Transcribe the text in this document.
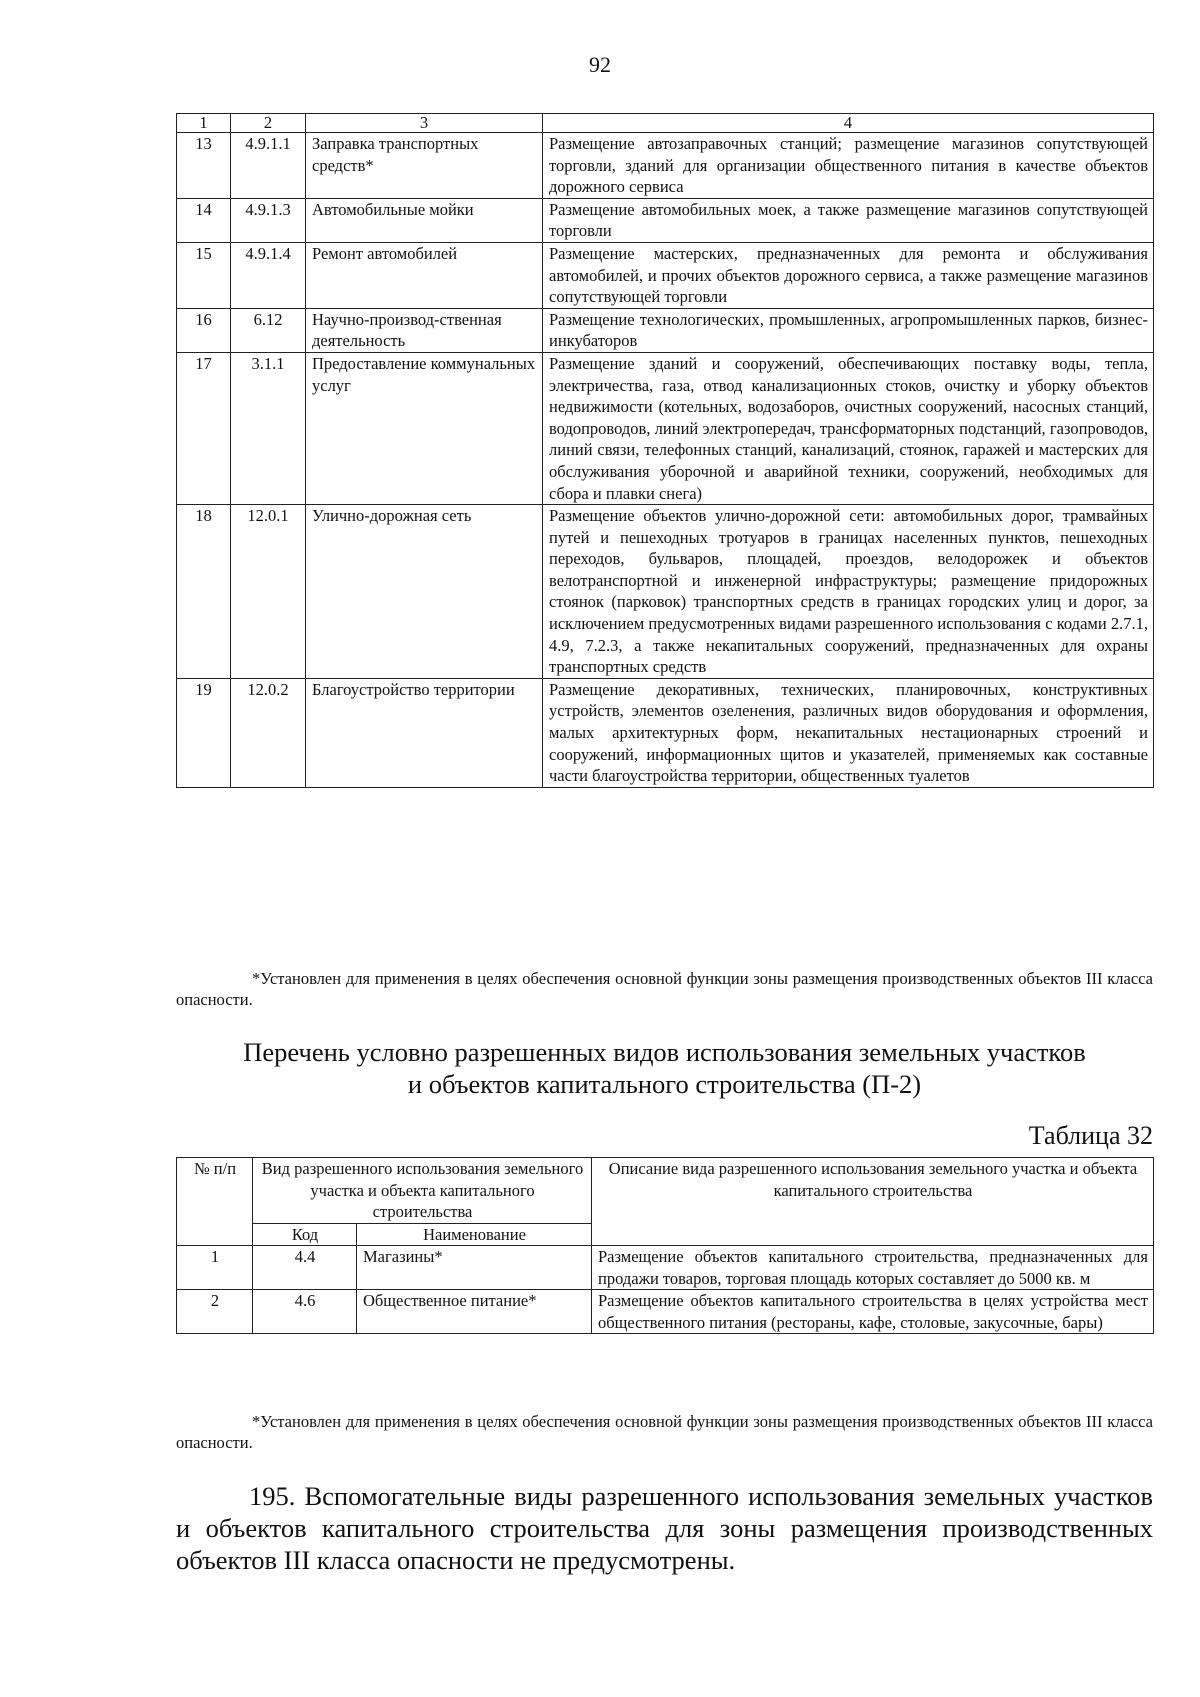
92
1	2	3	4
13	4.9.1.1	Заправка транспортных средств*	Размещение автозаправочных станций; размещение магазинов сопутствующей торговли, зданий для организации общественного питания в качестве объектов дорожного сервиса
14	4.9.1.3	Автомобильные мойки	Размещение автомобильных моек, а также размещение магазинов сопутствующей торговли
15	4.9.1.4	Ремонт автомобилей	Размещение мастерских, предназначенных для ремонта и обслуживания автомобилей, и прочих объектов дорожного сервиса, а также размещение магазинов сопутствующей торговли
16	6.12	Научно-производ-ственная деятельность	Размещение технологических, промышленных, агропромышленных парков, бизнес-инкубаторов
17	3.1.1	Предоставление коммунальных услуг	Размещение зданий и сооружений, обеспечивающих поставку воды, тепла, электричества, газа, отвод канализационных стоков, очистку и уборку объектов недвижимости (котельных, водозаборов, очистных сооружений, насосных станций, водопроводов, линий электропередач, трансформаторных подстанций, газопроводов, линий связи, телефонных станций, канализаций, стоянок, гаражей и мастерских для обслуживания уборочной и аварийной техники, сооружений, необходимых для сбора и плавки снега)
18	12.0.1	Улично-дорожная сеть	Размещение объектов улично-дорожной сети: автомобильных дорог, трамвайных путей и пешеходных тротуаров в границах населенных пунктов, пешеходных переходов, бульваров, площадей, проездов, велодорожек и объектов велотранспортной и инженерной инфраструктуры; размещение придорожных стоянок (парковок) транспортных средств в границах городских улиц и дорог, за исключением предусмотренных видами разрешенного использования с кодами 2.7.1, 4.9, 7.2.3, а также некапитальных сооружений, предназначенных для охраны транспортных средств
19	12.0.2	Благоустройство территории	Размещение декоративных, технических, планировочных, конструктивных устройств, элементов озеленения, различных видов оборудования и оформления, малых архитектурных форм, некапитальных нестационарных строений и сооружений, информационных щитов и указателей, применяемых как составные части благоустройства территории, общественных туалетов
*Установлен для применения в целях обеспечения основной функции зоны размещения производственных объектов III класса опасности.
Перечень условно разрешенных видов использования земельных участков
и объектов капитального строительства (П-2)
Таблица 32
№ п/п	Вид разрешенного использования земельного участка и объекта капитального строительства		Описание вида разрешенного использования земельного участка и объекта капитального строительства
	Код	Наименование	
1	4.4	Магазины*	Размещение объектов капитального строительства, предназначенных для продажи товаров, торговая площадь которых составляет до 5000 кв. м
2	4.6	Общественное питание*	Размещение объектов капитального строительства в целях устройства мест общественного питания (рестораны, кафе, столовые, закусочные, бары)
*Установлен для применения в целях обеспечения основной функции зоны размещения производственных объектов III класса опасности.
195. Вспомогательные виды разрешенного использования земельных участков и объектов капитального строительства для зоны размещения производственных объектов III класса опасности не предусмотрены.
